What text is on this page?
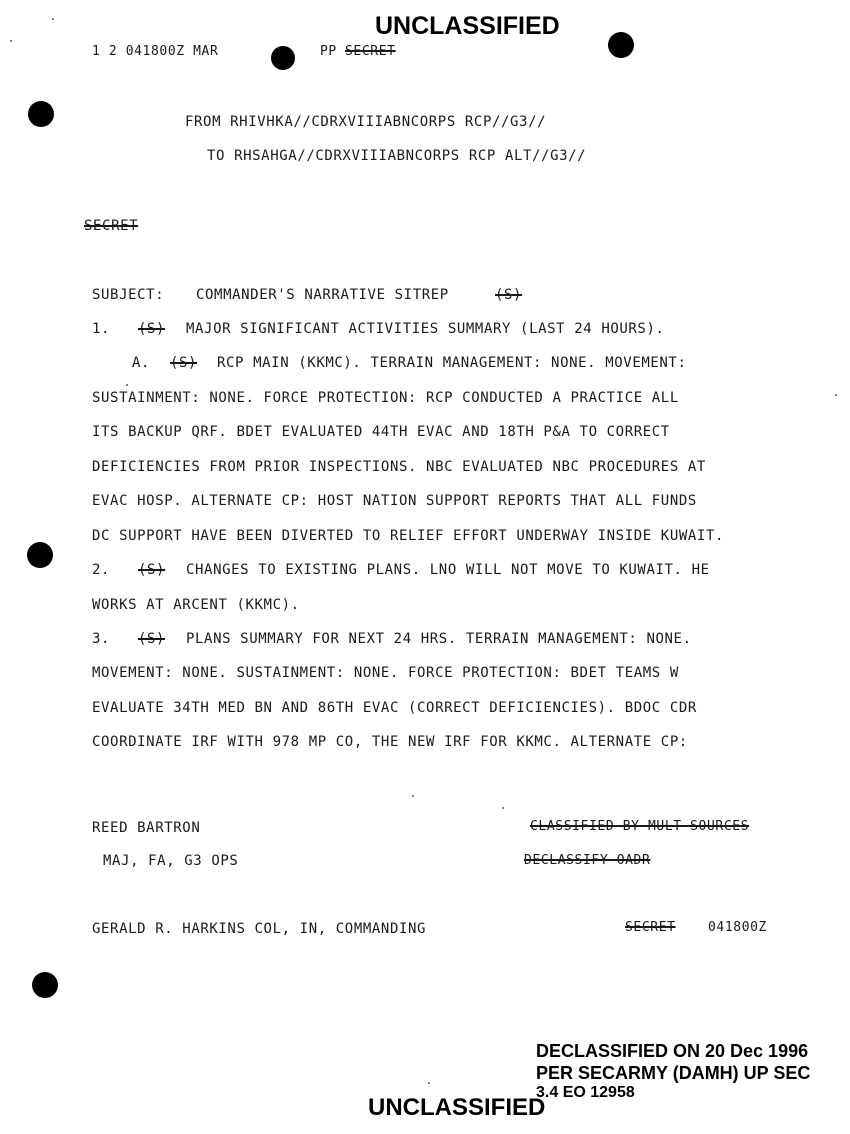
UNCLASSIFIED
1 2 041800Z MAR	PP SECRET
FROM RHIVHKA//CDRXVIIIABNCORPS RCP//G3//
TO RHSAHGA//CDRXVIIIABNCORPS RCP ALT//G3//
SECRET
SUBJECT: COMMANDER'S NARRATIVE SITREP	(S)
1. (S) MAJOR SIGNIFICANT ACTIVITIES SUMMARY (LAST 24 HOURS).
A. (S) RCP MAIN (KKMC). TERRAIN MANAGEMENT: NONE. MOVEMENT:
SUSTAINMENT: NONE. FORCE PROTECTION: RCP CONDUCTED A PRACTICE ALL
ITS BACKUP QRF. BDET EVALUATED 44TH EVAC AND 18TH P&A TO CORRECT
DEFICIENCIES FROM PRIOR INSPECTIONS. NBC EVALUATED NBC PROCEDURES AT
EVAC HOSP. ALTERNATE CP: HOST NATION SUPPORT REPORTS THAT ALL FUNDS
DC SUPPORT HAVE BEEN DIVERTED TO RELIEF EFFORT UNDERWAY INSIDE KUWAIT.
2. (S) CHANGES TO EXISTING PLANS. LNO WILL NOT MOVE TO KUWAIT. HE
WORKS AT ARCENT (KKMC).
3. (S) PLANS SUMMARY FOR NEXT 24 HRS. TERRAIN MANAGEMENT: NONE.
MOVEMENT: NONE. SUSTAINMENT: NONE. FORCE PROTECTION: BDET TEAMS W
EVALUATE 34TH MED BN AND 86TH EVAC (CORRECT DEFICIENCIES). BDOC CDR
COORDINATE IRF WITH 978 MP CO, THE NEW IRF FOR KKMC. ALTERNATE CP:
REED BARTRON
MAJ, FA, G3 OPS
CLASSIFIED BY MULT SOURCES
DECLASSIFY OADR
GERALD R. HARKINS COL, IN, COMMANDING	SECRET 041800Z
DECLASSIFIED ON 20 Dec 1996
PER SECARMY (DAMH) UP SEC
3.4 EO 12958
UNCLASSIFIED
